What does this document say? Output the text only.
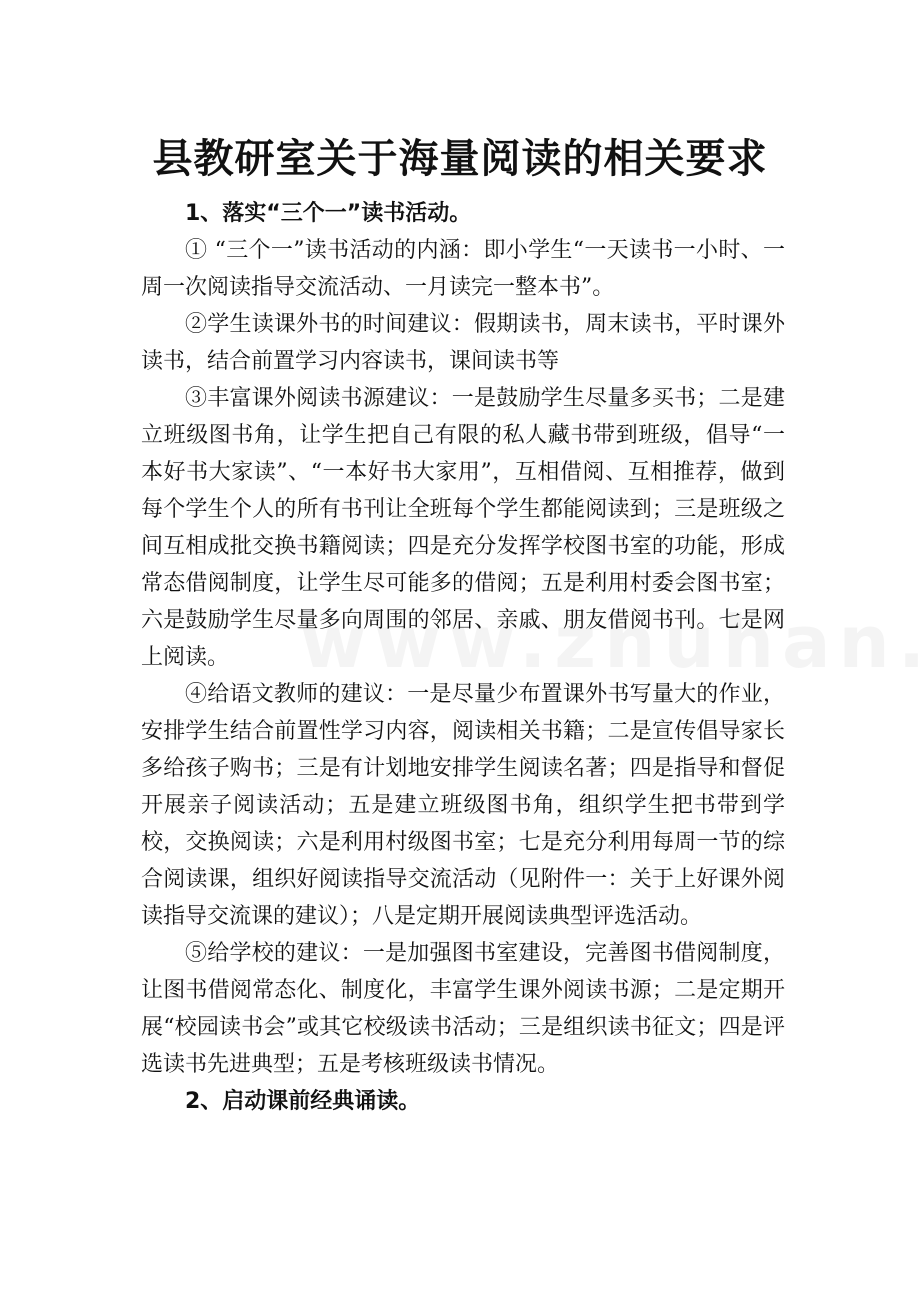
县教研室关于海量阅读的相关要求

1、落实“三个一”读书活动。

① “三个一”读书活动的内涵：即小学生“一天读书一小时、一周一次阅读指导交流活动、一月读完一整本书”。

②学生读课外书的时间建议：假期读书，周末读书，平时课外读书，结合前置学习内容读书，课间读书等

③丰富课外阅读书源建议：一是鼓励学生尽量多买书；二是建立班级图书角，让学生把自己有限的私人藏书带到班级，倡导“一本好书大家读”、“一本好书大家用”，互相借阅、互相推荐，做到每个学生个人的所有书刊让全班每个学生都能阅读到；三是班级之间互相成批交换书籍阅读；四是充分发挥学校图书室的功能，形成常态借阅制度，让学生尽可能多的借阅；五是利用村委会图书室；六是鼓励学生尽量多向周围的邻居、亲戚、朋友借阅书刊。七是网上阅读。

④给语文教师的建议：一是尽量少布置课外书写量大的作业，安排学生结合前置性学习内容，阅读相关书籍；二是宣传倡导家长多给孩子购书；三是有计划地安排学生阅读名著；四是指导和督促开展亲子阅读活动；五是建立班级图书角，组织学生把书带到学校，交换阅读；六是利用村级图书室；七是充分利用每周一节的综合阅读课，组织好阅读指导交流活动（见附件一：关于上好课外阅读指导交流课的建议）；八是定期开展阅读典型评选活动。

⑤给学校的建议：一是加强图书室建设，完善图书借阅制度，让图书借阅常态化、制度化，丰富学生课外阅读书源；二是定期开展“校园读书会”或其它校级读书活动；三是组织读书征文；四是评选读书先进典型；五是考核班级读书情况。

2、启动课前经典诵读。
